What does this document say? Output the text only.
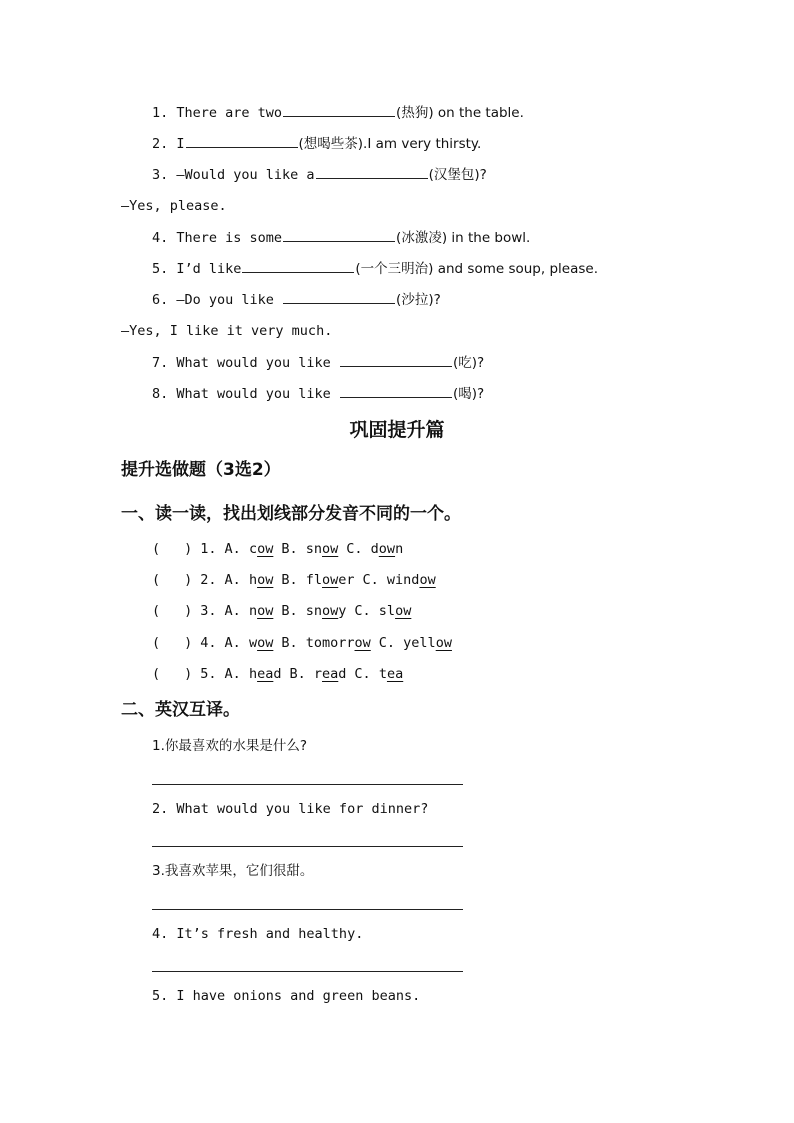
1. There are two	(热狗) on the table.
2. I	(想喝些茶).I am very thirsty.
3. —Would you like a	(汉堡包)?
—Yes, please.
4. There is some	(冰激凌) in the bowl.
5. I’d like	(一个三明治) and some soup, please.
6. —Do you like	(沙拉)?
—Yes, I like it very much.
7. What would you like	(吃)?
8. What would you like	(喝)?
巩固提升篇
提升选做题（3选2）
一、读一读，找出划线部分发音不同的一个。
( ) 1. A. cow B. snow C. down
( ) 2. A. how B. flower C. window
( ) 3. A. now B. snowy C. slow
( ) 4. A. wow B. tomorrow C. yellow
( ) 5. A. head B. read C. tea
二、英汉互译。
1.你最喜欢的水果是什么?
2. What would you like for dinner?
3.我喜欢苹果，它们很甜。
4. It’s fresh and healthy.
5. I have onions and green beans.
